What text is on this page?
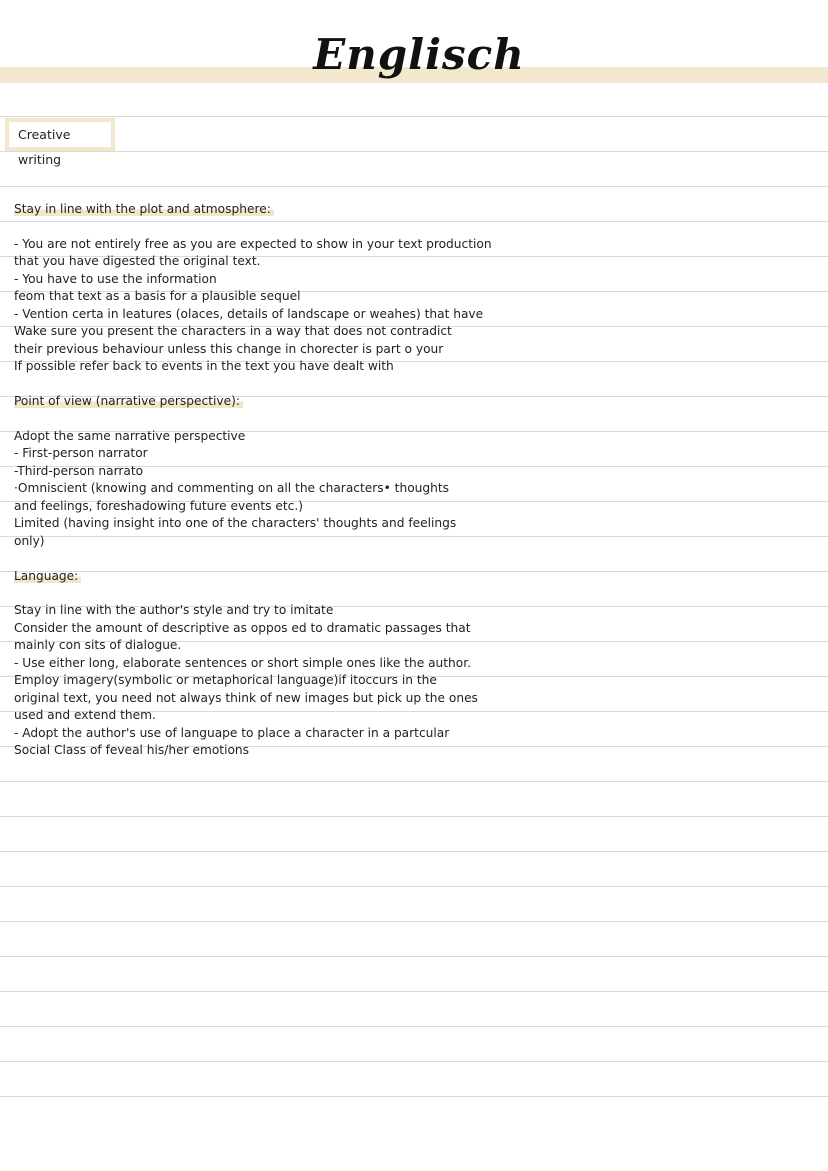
Englisch
Creative writing
Stay in line with the plot and atmosphere:
- You are not entirely free as you are expected to show in your text production
that you have digested the original text.
- You have to use the information
feom that text as a basis for a plausible sequel
- Vention certa in leatures (olaces, details of landscape or weahes) that have
Wake sure you present the characters in a way that does not contradict
their previous behaviour unless this change in chorecter is part o your
If possible refer back to events in the text you have dealt with
Point of view (narrative perspective):
Adopt the same narrative perspective
- First-person narrator
-Third-person narrato
·Omniscient (knowing and commenting on all the characters• thoughts
and feelings, foreshadowing future events etc.)
Limited (having insight into one of the characters' thoughts and feelings
only)
Language:
Stay in line with the author's style and try to imitate
Consider the amount of descriptive as oppos ed to dramatic passages that
mainly con sits of dialogue.
- Use either long, elaborate sentences or short simple ones like the author.
Employ imagery(symbolic or metaphorical language)if itoccurs in the
original text, you need not always think of new images but pick up the ones
used and extend them.
- Adopt the author's use of languape to place a character in a partcular
Social Class of feveal his/her emotions
